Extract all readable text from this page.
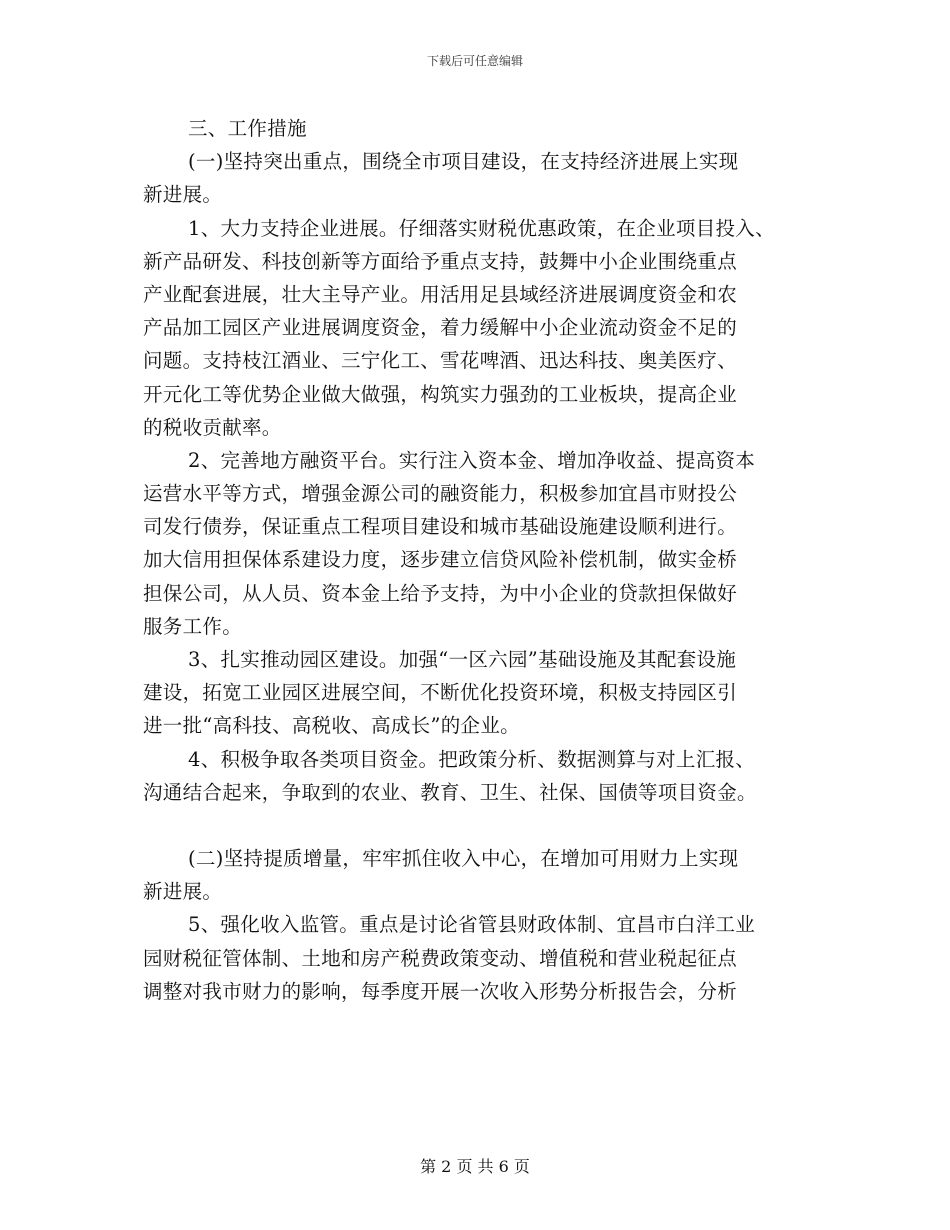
下载后可任意编辑
三、工作措施
(一)坚持突出重点，围绕全市项目建设，在支持经济进展上实现
新进展。
1、大力支持企业进展。仔细落实财税优惠政策，在企业项目投入、
新产品研发、科技创新等方面给予重点支持，鼓舞中小企业围绕重点
产业配套进展，壮大主导产业。用活用足县域经济进展调度资金和农
产品加工园区产业进展调度资金，着力缓解中小企业流动资金不足的
问题。支持枝江酒业、三宁化工、雪花啤酒、迅达科技、奥美医疗、
开元化工等优势企业做大做强，构筑实力强劲的工业板块，提高企业
的税收贡献率。
2、完善地方融资平台。实行注入资本金、增加净收益、提高资本
运营水平等方式，增强金源公司的融资能力，积极参加宜昌市财投公
司发行债券，保证重点工程项目建设和城市基础设施建设顺利进行。
加大信用担保体系建设力度，逐步建立信贷风险补偿机制，做实金桥
担保公司，从人员、资本金上给予支持，为中小企业的贷款担保做好
服务工作。
3、扎实推动园区建设。加强“一区六园”基础设施及其配套设施
建设，拓宽工业园区进展空间，不断优化投资环境，积极支持园区引
进一批“高科技、高税收、高成长”的企业。
4、积极争取各类项目资金。把政策分析、数据测算与对上汇报、
沟通结合起来，争取到的农业、教育、卫生、社保、国债等项目资金。
(二)坚持提质增量，牢牢抓住收入中心，在增加可用财力上实现
新进展。
5、强化收入监管。重点是讨论省管县财政体制、宜昌市白洋工业
园财税征管体制、土地和房产税费政策变动、增值税和营业税起征点
调整对我市财力的影响，每季度开展一次收入形势分析报告会，分析
第 2 页 共 6 页
